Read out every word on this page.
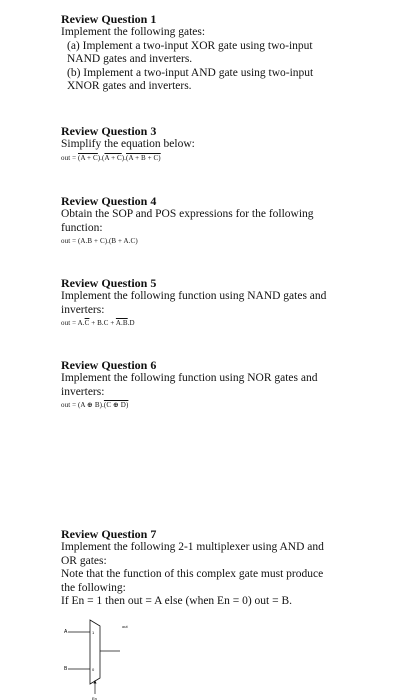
Review Question 1

Implement the following gates:

(a) Implement a two-input XOR gate using two-input

NAND gates and inverters.

(b) Implement a two-input AND gate using two-input

XNOR gates and inverters.

Review Question 3

Simplify the equation below:

out = (A + C).(A + C).(A + B + C)

Review Question 4

Obtain the SOP and POS expressions for the following

function:

out = (A.B + C).(B + A.C)

Review Question 5

Implement the following function using NAND gates and

inverters:

out = $A.\overline{C} + B.C + A.B.D$

Review Question 6

Implement the following function using NOR gates and

inverters:

out = (A ⊕ B).(C ⊕ D)

Review Question 7

Implement the following 2-1 multiplexer using AND and

OR gates:

Note that the function of this complex gate must produce

the following:

If En = 1 then out = A else (when En = 0) out = B.

A
B
1
0
out
En
